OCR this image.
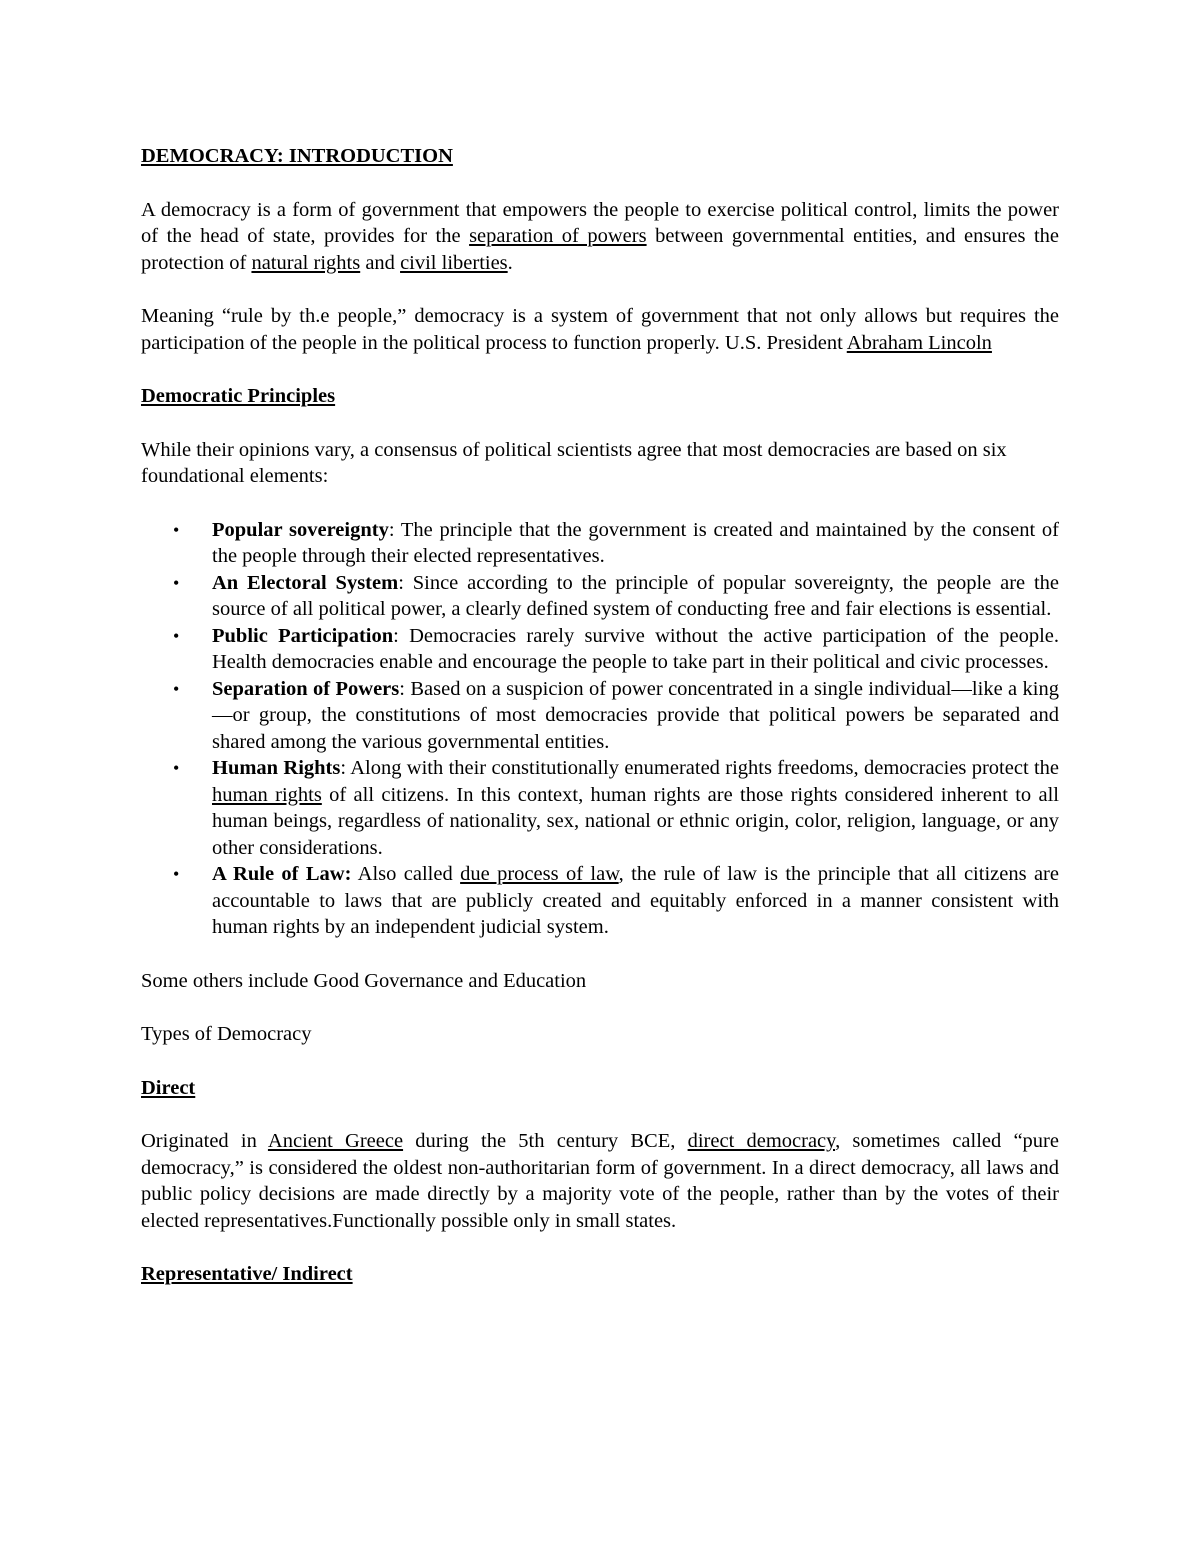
DEMOCRACY: INTRODUCTION

A democracy is a form of government that empowers the people to exercise political control, limits the power of the head of state, provides for the separation of powers between governmental entities, and ensures the protection of natural rights and civil liberties.

Meaning “rule by th.e people,” democracy is a system of government that not only allows but requires the participation of the people in the political process to function properly. U.S. President Abraham Lincoln

Democratic Principles

While their opinions vary, a consensus of political scientists agree that most democracies are based on six foundational elements:

• Popular sovereignty: The principle that the government is created and maintained by the consent of the people through their elected representatives.
• An Electoral System: Since according to the principle of popular sovereignty, the people are the source of all political power, a clearly defined system of conducting free and fair elections is essential.
• Public Participation: Democracies rarely survive without the active participation of the people. Health democracies enable and encourage the people to take part in their political and civic processes.
• Separation of Powers: Based on a suspicion of power concentrated in a single individual—like a king—or group, the constitutions of most democracies provide that political powers be separated and shared among the various governmental entities.
• Human Rights: Along with their constitutionally enumerated rights freedoms, democracies protect the human rights of all citizens. In this context, human rights are those rights considered inherent to all human beings, regardless of nationality, sex, national or ethnic origin, color, religion, language, or any other considerations.
• A Rule of Law: Also called due process of law, the rule of law is the principle that all citizens are accountable to laws that are publicly created and equitably enforced in a manner consistent with human rights by an independent judicial system.

Some others include Good Governance and Education

Types of Democracy

Direct

Originated in Ancient Greece during the 5th century BCE, direct democracy, sometimes called “pure democracy,” is considered the oldest non-authoritarian form of government. In a direct democracy, all laws and public policy decisions are made directly by a majority vote of the people, rather than by the votes of their elected representatives.Functionally possible only in small states.

Representative/ Indirect
